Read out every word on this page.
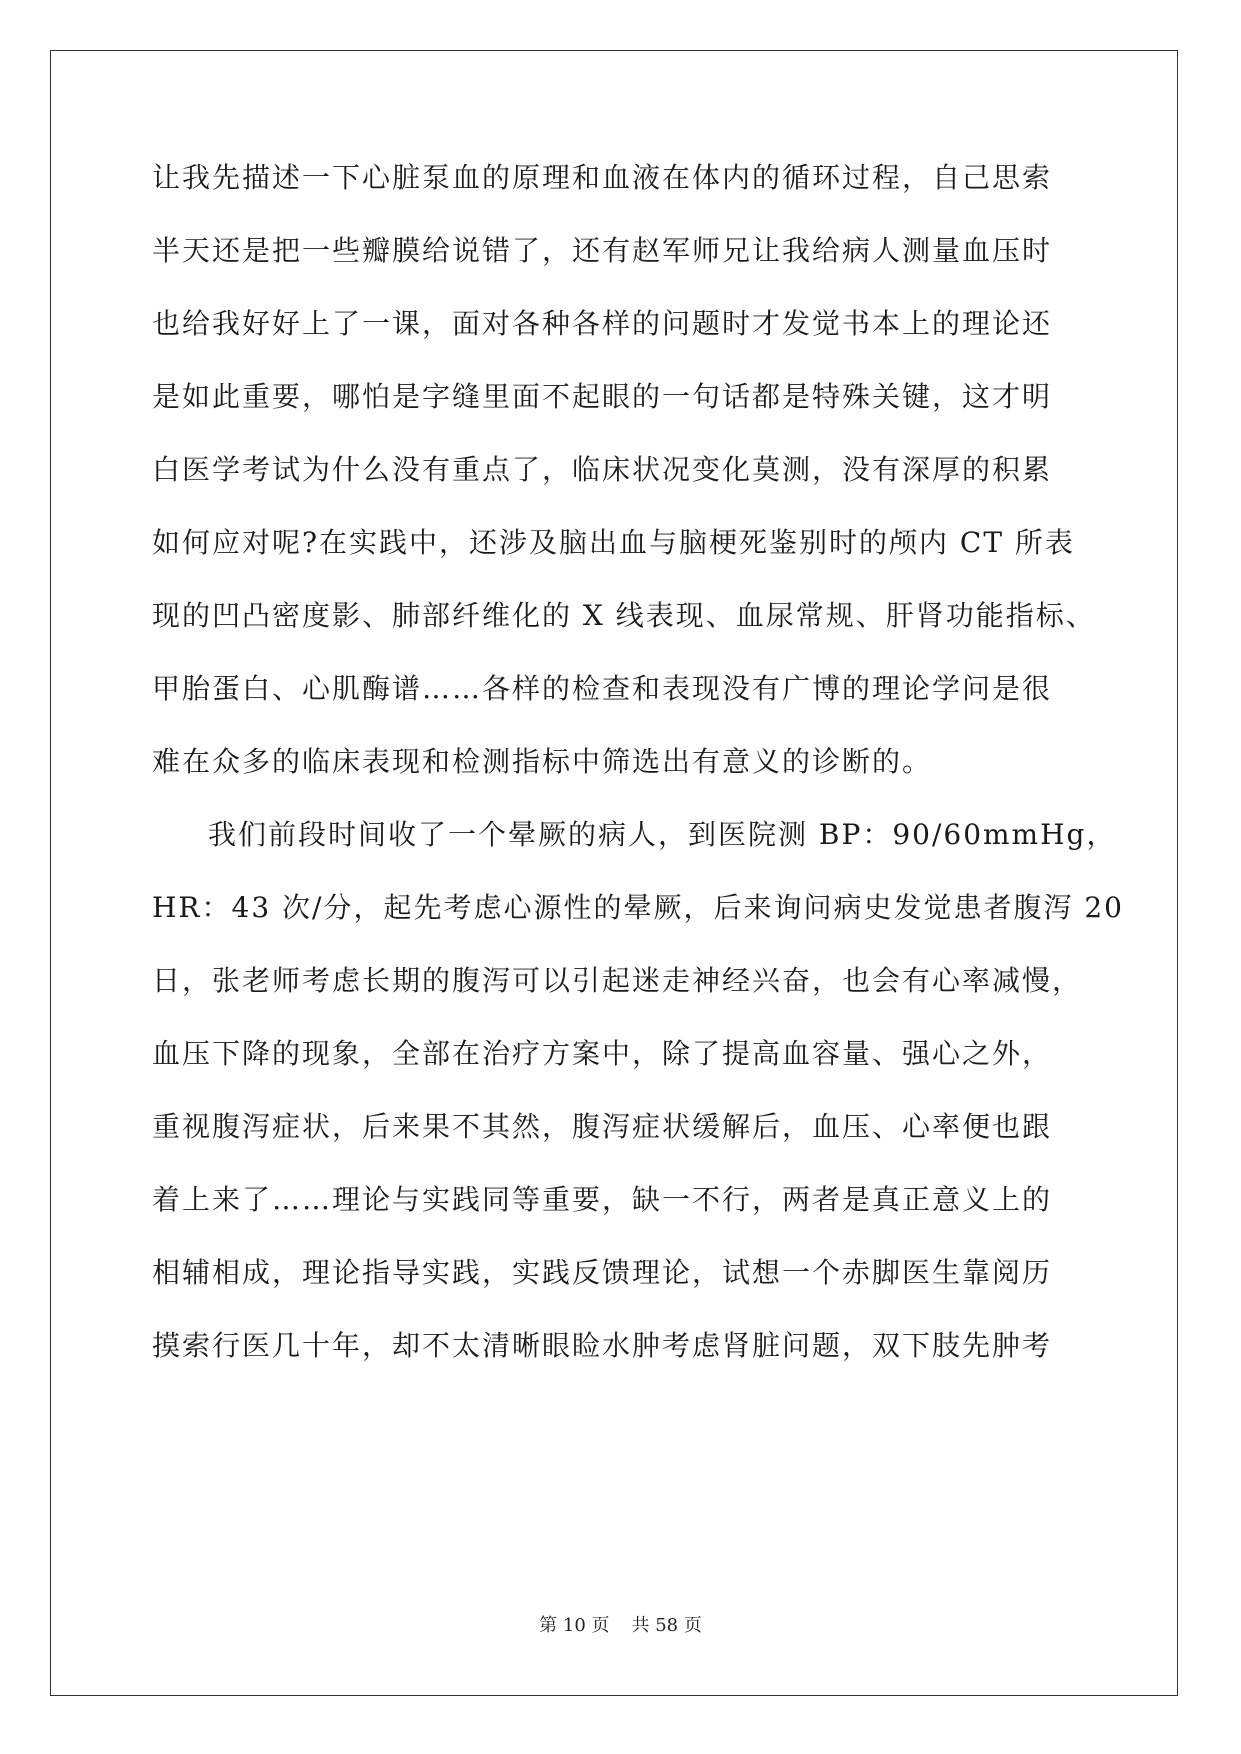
让我先描述一下心脏泵血的原理和血液在体内的循环过程，自己思索
半天还是把一些瓣膜给说错了，还有赵军师兄让我给病人测量血压时
也给我好好上了一课，面对各种各样的问题时才发觉书本上的理论还
是如此重要，哪怕是字缝里面不起眼的一句话都是特殊关键，这才明
白医学考试为什么没有重点了，临床状况变化莫测，没有深厚的积累
如何应对呢?在实践中，还涉及脑出血与脑梗死鉴别时的颅内 CT 所表
现的凹凸密度影、肺部纤维化的 X 线表现、血尿常规、肝肾功能指标、
甲胎蛋白、心肌酶谱……各样的检查和表现没有广博的理论学问是很
难在众多的临床表现和检测指标中筛选出有意义的诊断的。
我们前段时间收了一个晕厥的病人，到医院测 BP：90/60mmHg，
HR：43 次/分，起先考虑心源性的晕厥，后来询问病史发觉患者腹泻 20
日，张老师考虑长期的腹泻可以引起迷走神经兴奋，也会有心率减慢，
血压下降的现象，全部在治疗方案中，除了提高血容量、强心之外，
重视腹泻症状，后来果不其然，腹泻症状缓解后，血压、心率便也跟
着上来了……理论与实践同等重要，缺一不行，两者是真正意义上的
相辅相成，理论指导实践，实践反馈理论，试想一个赤脚医生靠阅历
摸索行医几十年，却不太清晰眼睑水肿考虑肾脏问题，双下肢先肿考
第 10 页 共 58 页
